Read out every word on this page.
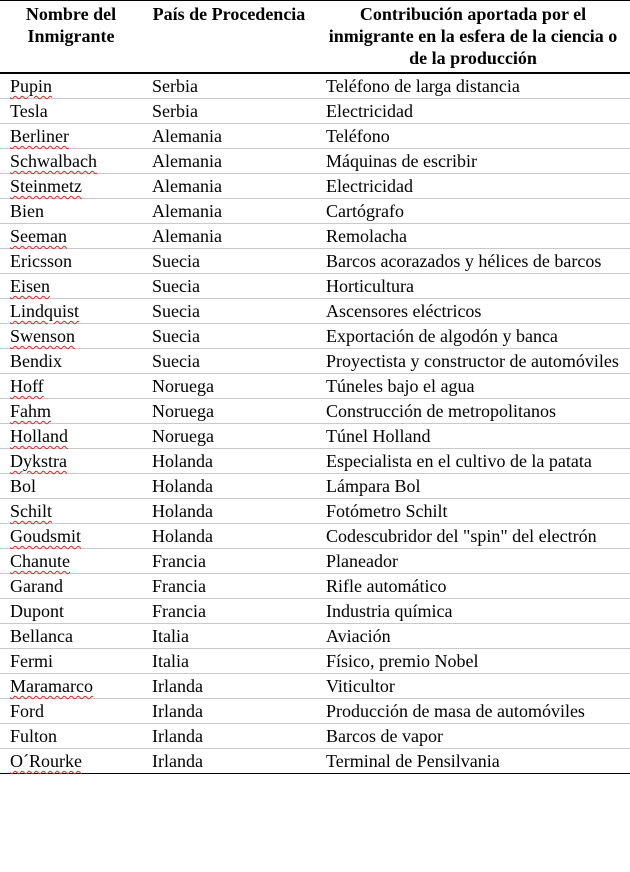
Nombre del Inmigrante	País de Procedencia	Contribución aportada por el inmigrante en la esfera de la ciencia o de la producción
Pupin	Serbia	Teléfono de larga distancia
Tesla	Serbia	Electricidad
Berliner	Alemania	Teléfono
Schwalbach	Alemania	Máquinas de escribir
Steinmetz	Alemania	Electricidad
Bien	Alemania	Cartógrafo
Seeman	Alemania	Remolacha
Ericsson	Suecia	Barcos acorazados y hélices de barcos
Eisen	Suecia	Horticultura
Lindquist	Suecia	Ascensores eléctricos
Swenson	Suecia	Exportación de algodón y banca
Bendix	Suecia	Proyectista y constructor de automóviles
Hoff	Noruega	Túneles bajo el agua
Fahm	Noruega	Construcción de metropolitanos
Holland	Noruega	Túnel Holland
Dykstra	Holanda	Especialista en el cultivo de la patata
Bol	Holanda	Lámpara Bol
Schilt	Holanda	Fotómetro Schilt
Goudsmit	Holanda	Codescubridor del "spin" del electrón
Chanute	Francia	Planeador
Garand	Francia	Rifle automático
Dupont	Francia	Industria química
Bellanca	Italia	Aviación
Fermi	Italia	Físico, premio Nobel
Maramarco	Irlanda	Viticultor
Ford	Irlanda	Producción de masa de automóviles
Fulton	Irlanda	Barcos de vapor
O´Rourke	Irlanda	Terminal de Pensilvania
